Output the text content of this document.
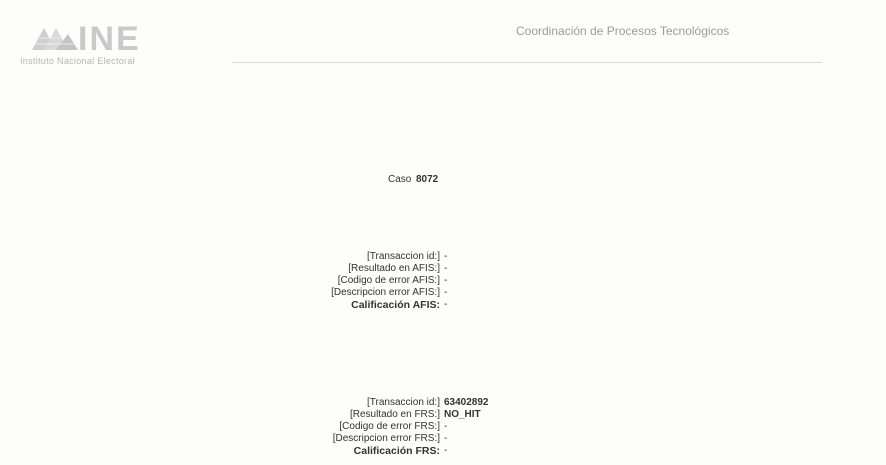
INE
Instituto Nacional Electoral
Coordinación de Procesos Tecnológicos
Caso 8072
[Transaccion id:] -
[Resultado en AFIS:] -
[Codigo de error AFIS:] -
[Descripcion error AFIS:] -
Calificación AFIS: -
[Transaccion id:] 63402892
[Resultado en FRS:] NO_HIT
[Codigo de error FRS:] -
[Descripcion error FRS:] -
Calificación FRS: -
